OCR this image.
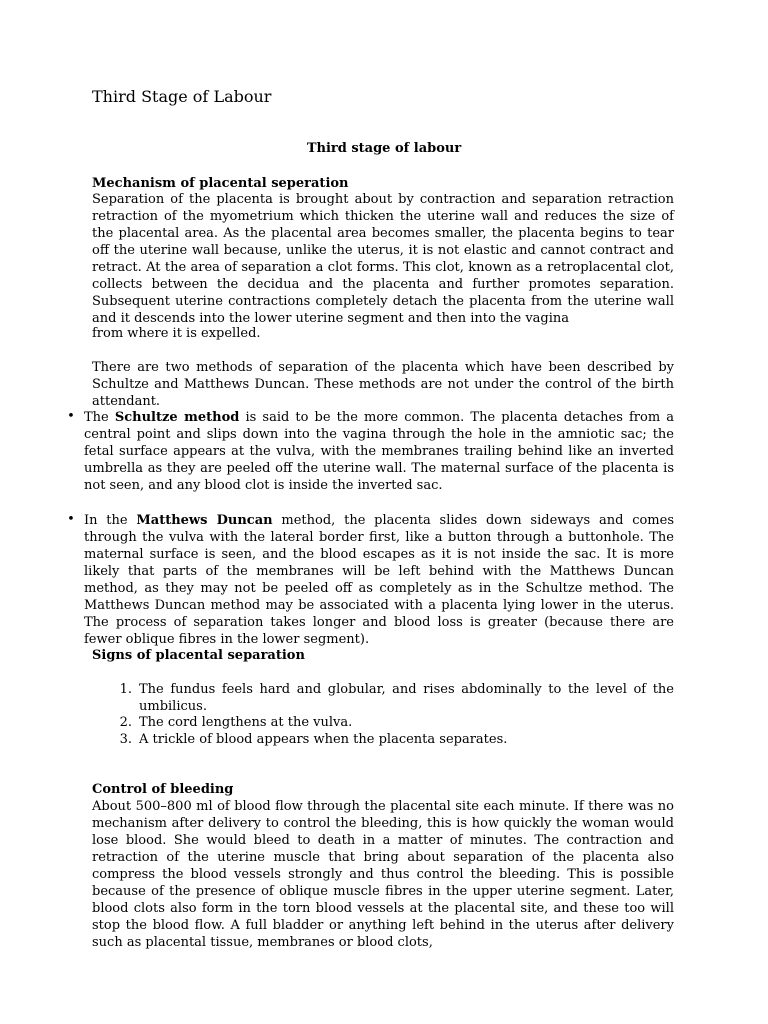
Third Stage of Labour
Third stage of labour
Mechanism of placental seperation
Separation of the placenta is brought about by contraction and separation retraction retraction of the myometrium which thicken the uterine wall and reduces the size of the placental area. As the placental area becomes smaller, the placenta begins to tear off the uterine wall because, unlike the uterus, it is not elastic and cannot contract and retract. At the area of separation a clot forms. This clot, known as a retroplacental clot, collects between the decidua and the placenta and further promotes separation. Subsequent uterine contractions completely detach the placenta from the uterine wall and it descends into the lower uterine segment and then into the vagina
from where it is expelled.
There are two methods of separation of the placenta which have been described by Schultze and Matthews Duncan. These methods are not under the control of the birth attendant.
• The Schultze method is said to be the more common. The placenta detaches from a central point and slips down into the vagina through the hole in the amniotic sac; the fetal surface appears at the vulva, with the membranes trailing behind like an inverted umbrella as they are peeled off the uterine wall. The maternal surface of the placenta is not seen, and any blood clot is inside the inverted sac.
• In the Matthews Duncan method, the placenta slides down sideways and comes through the vulva with the lateral border first, like a button through a buttonhole. The maternal surface is seen, and the blood escapes as it is not inside the sac. It is more likely that parts of the membranes will be left behind with the Matthews Duncan method, as they may not be peeled off as completely as in the Schultze method. The Matthews Duncan method may be associated with a placenta lying lower in the uterus. The process of separation takes longer and blood loss is greater (because there are fewer oblique fibres in the lower segment).
Signs of placental separation
1. The fundus feels hard and globular, and rises abdominally to the level of the umbilicus.
2. The cord lengthens at the vulva.
3. A trickle of blood appears when the placenta separates.
Control of bleeding
About 500–800 ml of blood flow through the placental site each minute. If there was no mechanism after delivery to control the bleeding, this is how quickly the woman would lose blood. She would bleed to death in a matter of minutes. The contraction and retraction of the uterine muscle that bring about separation of the placenta also compress the blood vessels strongly and thus control the bleeding. This is possible because of the presence of oblique muscle fibres in the upper uterine segment. Later, blood clots also form in the torn blood vessels at the placental site, and these too will stop the blood flow. A full bladder or anything left behind in the uterus after delivery such as placental tissue, membranes or blood clots,
